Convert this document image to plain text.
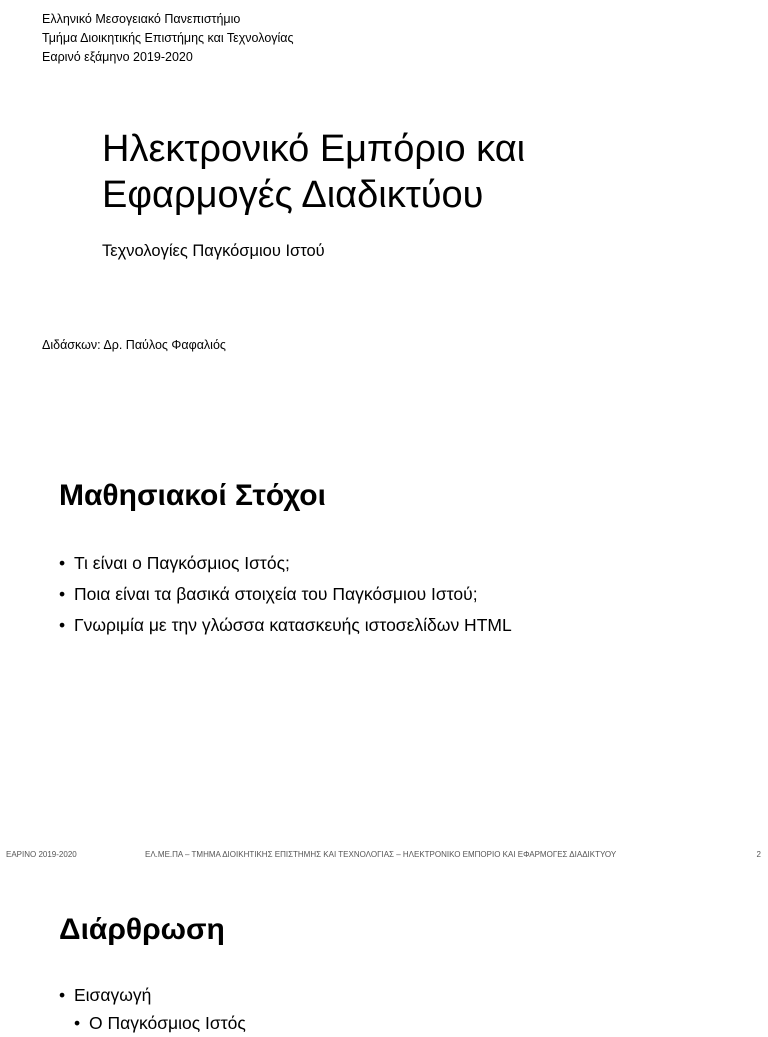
Ελληνικό Μεσογειακό Πανεπιστήμιο
Τμήμα Διοικητικής Επιστήμης και Τεχνολογίας
Εαρινό εξάμηνο 2019-2020
Ηλεκτρονικό Εμπόριο και
Εφαρμογές Διαδικτύου

Τεχνολογίες Παγκόσμιου Ιστού

Διδάσκων: Δρ. Παύλος Φαφαλιός

Μαθησιακοί Στόχοι
• Τι είναι ο Παγκόσμιος Ιστός;
• Ποια είναι τα βασικά στοιχεία του Παγκόσμιου Ιστού;
• Γνωριμία με την γλώσσα κατασκευής ιστοσελίδων HTML
ΕΑΡΙΝΟ 2019-2020	ΕΛ.ΜΕ.ΠΑ – ΤΜΗΜΑ ΔΙΟΙΚΗΤΙΚΗΣ ΕΠΙΣΤΗΜΗΣ ΚΑΙ ΤΕΧΝΟΛΟΓΙΑΣ – ΗΛΕΚΤΡΟΝΙΚΟ ΕΜΠΟΡΙΟ ΚΑΙ ΕΦΑΡΜΟΓΕΣ ΔΙΑΔΙΚΤΥΟΥ	2
Διάρθρωση
• Εισαγωγή
• Ο Παγκόσμιος Ιστός
